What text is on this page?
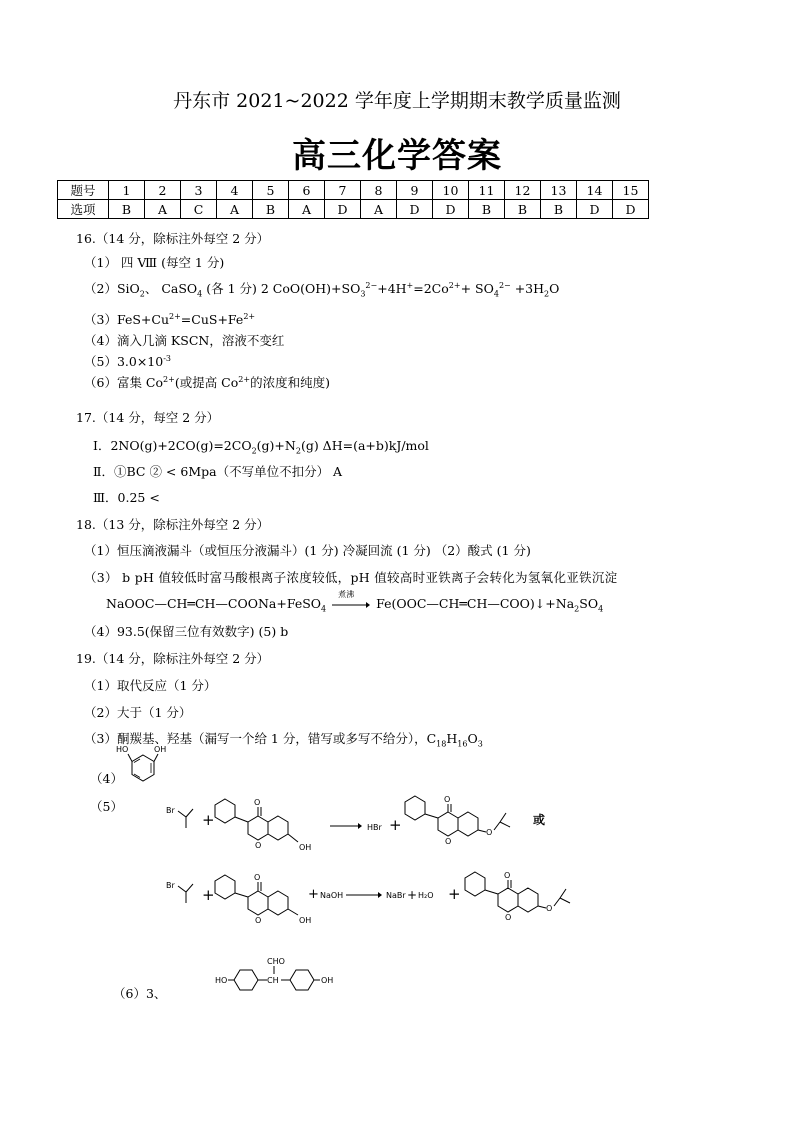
丹东市 2021~2022 学年度上学期期末教学质量监测
高三化学答案
题号	1	2	3	4	5	6	7	8	9	10	11	12	13	14	15
选项	B	A	C	A	B	A	D	A	D	D	B	B	B	D	D
16.（14 分，除标注外每空 2 分）
（1） 四 Ⅷ (每空 1 分)
（2）SiO$_2$、 CaSO$_4$ (各 1 分) 2 $CoO(OH)+SO_3^{2-}+4H^+=2Co^{2+}+ SO_4^{2-} +3H_2O$
$(3)FeS+Cu^{2+}=CuS+Fe^{2+}$
（4）滴入几滴 KSCN，溶液不变红
$(5)3.0\times 10^{-3}$
（6）富集 $Co^{2+}$(或提高 $Co^{2+}$的浓度和纯度)
17.（14 分，每空 2 分）
Ⅰ．$2NO(g)+2CO(g)=2CO_2(g)+N_2(g)$ ΔH=(a+b)kJ/mol
Ⅱ．①BC ② < 6Mpa（不写单位不扣分） A
Ⅲ．0.25 <
18.（13 分，除标注外每空 2 分）
（1）恒压滴液漏斗（或恒压分液漏斗）(1 分) 冷凝回流 (1 分) （2）酸式 (1 分)
（3） b pH 值较低时富马酸根离子浓度较低，pH 值较高时亚铁离子会转化为氢氧化亚铁沉淀
NaOOC—CH═CH—COONa+FeSO$_4$
煮沸
$Fe(OOC—CH═CH—COO)↓+Na_2SO_4$
（4）93.5(保留三位有效数字) (5) b
19.（14 分，除标注外每空 2 分）
（1）取代反应（1 分）
（2）大于（1 分）
（3）酮羰基、羟基（漏写一个给 1 分，错写或多写不给分），$C_{18}H_{16}O_3$
（4）
（5）
（6）3、
HO	OH
Br
+
O
O	OH
HBr +
O
O
O
或
Br
+
O
O	OH
+ NaOH	NaBr + H₂O +
O
O
O
HO	CH
CHO
OH
